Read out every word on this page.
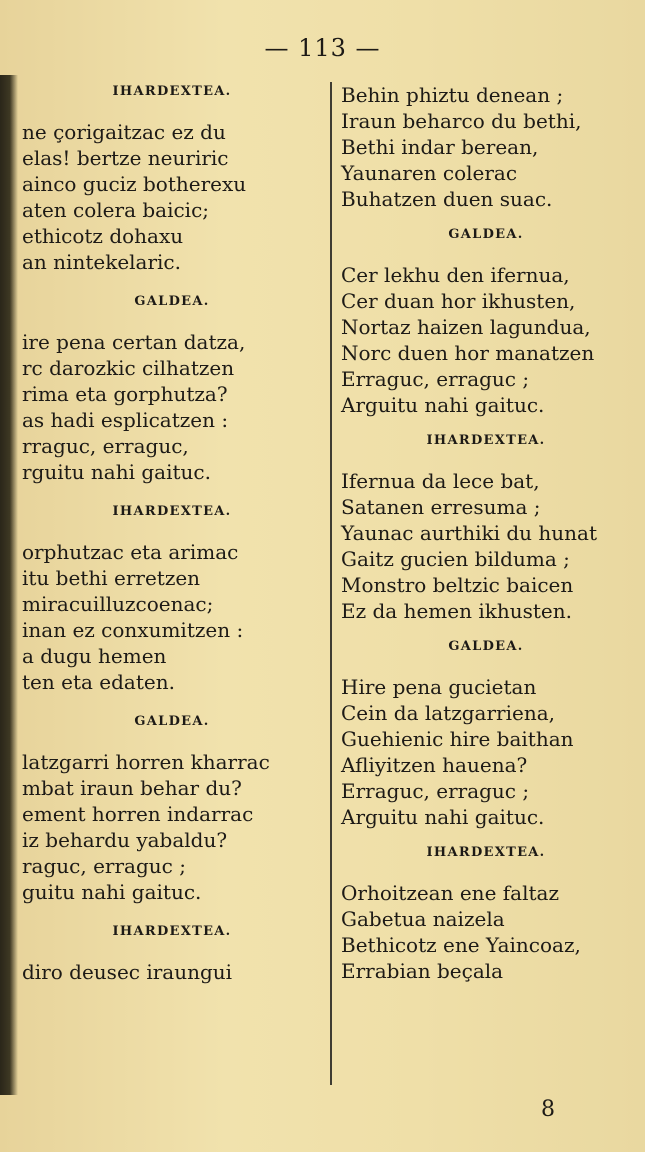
— 113 —

IHARDEXTEA.
ne çorigaitzac ez du
elas! bertze neuriric
ainco guciz botherexu
aten colera baicic;
ethicotz dohaxu
an nintekelaric.
GALDEA.
ire pena certan datza,
rc darozkic cilhatzen
rima eta gorphutza?
as hadi esplicatzen :
rraguc, erraguc,
rguitu nahi gaituc.
IHARDEXTEA.
orphutzac eta arimac
itu bethi erretzen
miracuilluzcoenac;
inan ez conxumitzen :
a dugu hemen
ten eta edaten.
GALDEA.
latzgarri horren kharrac
mbat iraun behar du?
ement horren indarrac
iz behardu yabaldu?
raguc, erraguc ;
guitu nahi gaituc.
IHARDEXTEA.
diro deusec iraungui
Behin phiztu denean ;
Iraun beharco du bethi,
Bethi indar berean,
Yaunaren colerac
Buhatzen duen suac.
GALDEA.
Cer lekhu den ifernua,
Cer duan hor ikhusten,
Nortaz haizen lagundua,
Norc duen hor manatzen
Erraguc, erraguc ;
Arguitu nahi gaituc.
IHARDEXTEA.
Ifernua da lece bat,
Satanen erresuma ;
Yaunac aurthiki du hunat
Gaitz gucien bilduma ;
Monstro beltzic baicen
Ez da hemen ikhusten.
GALDEA.
Hire pena gucietan
Cein da latzgarriena,
Guehienic hire baithan
Afliyitzen hauena?
Erraguc, erraguc ;
Arguitu nahi gaituc.
IHARDEXTEA.
Orhoitzean ene faltaz
Gabetua naizela
Bethicotz ene Yaincoaz,
Errabian beçala

8
